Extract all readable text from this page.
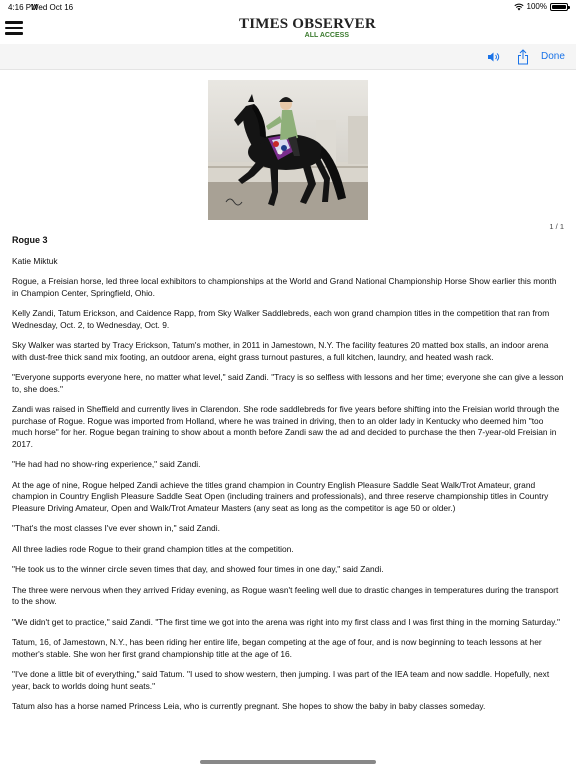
4:16 PM
Wed Oct 16	100%
TIMES OBSERVER
ALL ACCESS
Done
1 / 1
Rogue 3
Katie Miktuk

Rogue, a Freisian horse, led three local exhibitors to championships at the World and Grand National Championship Horse Show earlier this month in Champion Center, Springfield, Ohio.

Kelly Zandi, Tatum Erickson, and Caidence Rapp, from Sky Walker Saddlebreds, each won grand champion titles in the competition that ran from Wednesday, Oct. 2, to Wednesday, Oct. 9.

Sky Walker was started by Tracy Erickson, Tatum's mother, in 2011 in Jamestown, N.Y. The facility features 20 matted box stalls, an indoor arena with dust-free thick sand mix footing, an outdoor arena, eight grass turnout pastures, a full kitchen, laundry, and heated wash rack.

"Everyone supports everyone here, no matter what level," said Zandi. "Tracy is so selfless with lessons and her time; everyone she can give a lesson to, she does."

Zandi was raised in Sheffield and currently lives in Clarendon. She rode saddlebreds for five years before shifting into the Freisian world through the purchase of Rogue. Rogue was imported from Holland, where he was trained in driving, then to an older lady in Kentucky who deemed him "too much horse" for her. Rogue began training to show about a month before Zandi saw the ad and decided to purchase the then 7-year-old Freisian in 2017.

"He had had no show-ring experience," said Zandi.

At the age of nine, Rogue helped Zandi achieve the titles grand champion in Country English Pleasure Saddle Seat Walk/Trot Amateur, grand champion in Country English Pleasure Saddle Seat Open (including trainers and professionals), and three reserve championship titles in Country Pleasure Driving Amateur, Open and Walk/Trot Amateur Masters (any seat as long as the competitor is age 50 or older.)

"That's the most classes I've ever shown in," said Zandi.

All three ladies rode Rogue to their grand champion titles at the competition.

"He took us to the winner circle seven times that day, and showed four times in one day," said Zandi.

The three were nervous when they arrived Friday evening, as Rogue wasn't feeling well due to drastic changes in temperatures during the transport to the show.

"We didn't get to practice," said Zandi. "The first time we got into the arena was right into my first class and I was first thing in the morning Saturday."

Tatum, 16, of Jamestown, N.Y., has been riding her entire life, began competing at the age of four, and is now beginning to teach lessons at her mother's stable. She won her first grand championship title at the age of 16.

"I've done a little bit of everything," said Tatum. "I used to show western, then jumping. I was part of the IEA team and now saddle. Hopefully, next year, back to worlds doing hunt seats."

Tatum also has a horse named Princess Leia, who is currently pregnant. She hopes to show the baby in baby classes someday.
